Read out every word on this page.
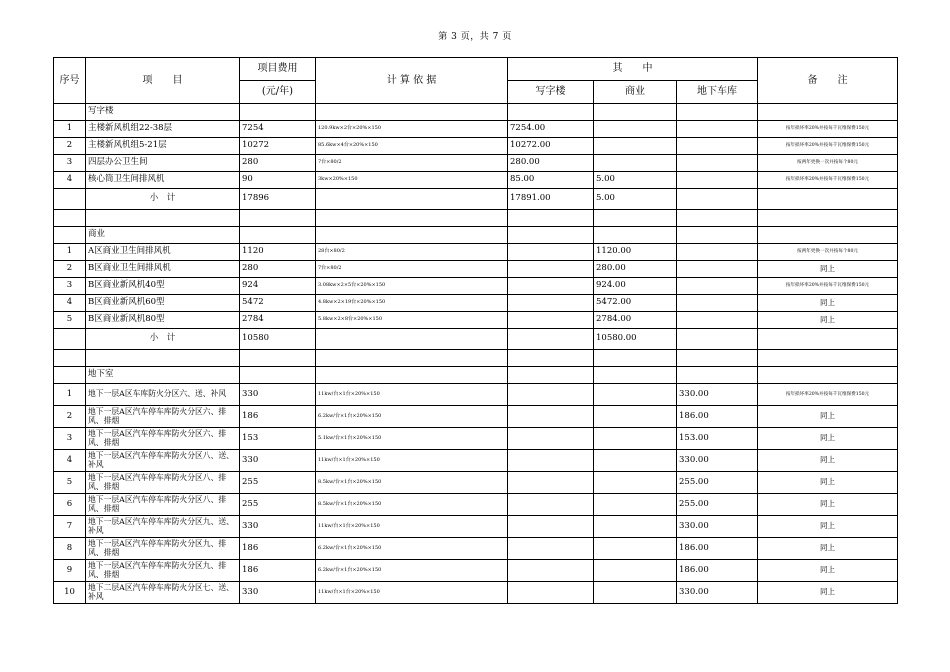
第 3 页，共 7 页
序号	项　　目	项目费用	计 算 依 据	其　　中			备　　注
		(元/年)		写字楼	商业	地下车库	
	写字楼						
1	主楼新风机组22-38层	7254	120.9kw×2台×20%×150	7254.00			按年损坏率20%并按每千瓦维保费150元
2	主楼新风机组5-21层	10272	85.6kw×4台×20%×150	10272.00			按年损坏率20%并按每千瓦维保费150元
3	四层办公卫生间	280	7台×80/2	280.00			按两年更换一次并按每个80元
4	核心筒卫生间排风机	90	3kw×20%×150	85.00	5.00		按年损坏率20%并按每千瓦维保费150元
	小　计	17896		17891.00	5.00		

	商业						
1	A区商业卫生间排风机	1120	28台×80/2		1120.00		按两年更换一次并按每个80元
2	B区商业卫生间排风机	280	7台×80/2		280.00		同上
3	B区商业新风机40型	924	3.08kw×2×5台×20%×150		924.00		按年损坏率20%并按每千瓦维保费150元
4	B区商业新风机60型	5472	4.8kw×2×19台×20%×150		5472.00		同上
5	B区商业新风机80型	2784	5.8kw×2×8台×20%×150		2784.00		同上
	小　计	10580			10580.00		

	地下室						
1	地下一层A区车库防火分区六、送、补风	330	11kw/台×1台×20%×150			330.00	按年损坏率20%并按每千瓦维保费150元
2	地下一层A区汽车停车库防火分区六、排风、排烟	186	6.2kw/台×1台×20%×150			186.00	同上
3	地下一层A区汽车停车库防火分区六、排风、排烟	153	5.1kw/台×1台×20%×150			153.00	同上
4	地下一层A区汽车停车库防火分区八、送、补风	330	11kw/台×1台×20%×150			330.00	同上
5	地下一层A区汽车停车库防火分区八、排风、排烟	255	8.5kw/台×1台×20%×150			255.00	同上
6	地下一层A区汽车停车库防火分区八、排风、排烟	255	8.5kw/台×1台×20%×150			255.00	同上
7	地下一层A区汽车停车库防火分区九、送、补风	330	11kw/台×1台×20%×150			330.00	同上
8	地下一层A区汽车停车库防火分区九、排风、排烟	186	6.2kw/台×1台×20%×150			186.00	同上
9	地下一层A区汽车停车库防火分区九、排风、排烟	186	6.2kw/台×1台×20%×150			186.00	同上
10	地下二层A区汽车停车库防火分区七、送、补风	330	11kw/台×1台×20%×150			330.00	同上
